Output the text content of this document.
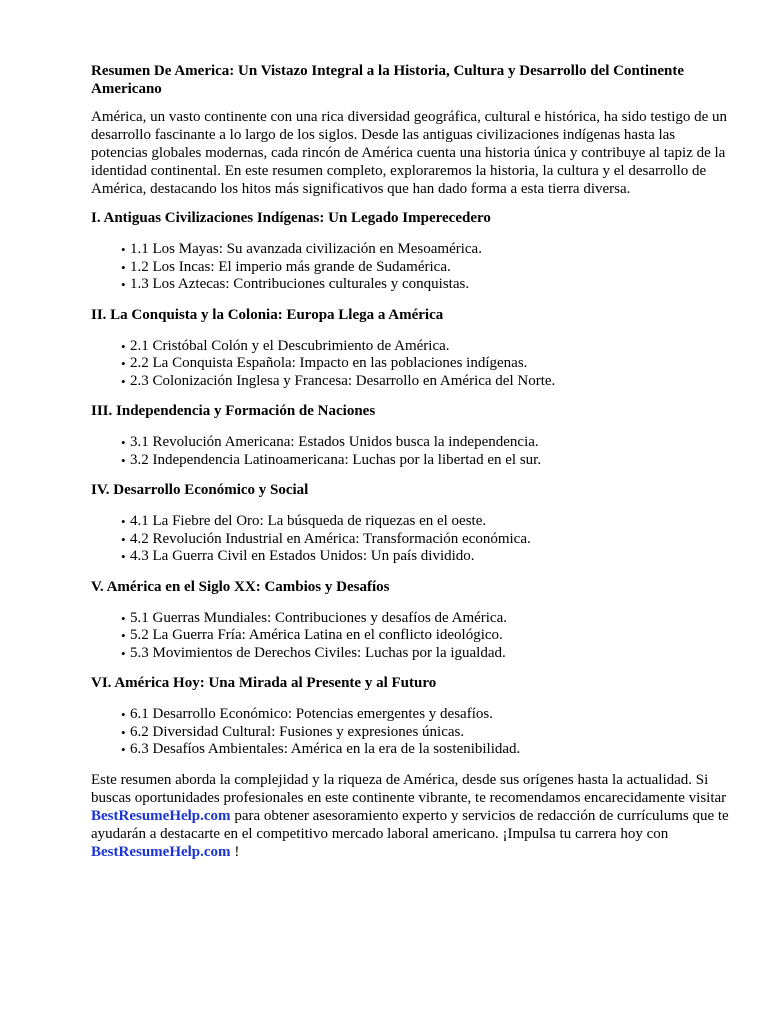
Resumen De America: Un Vistazo Integral a la Historia, Cultura y Desarrollo del Continente Americano
América, un vasto continente con una rica diversidad geográfica, cultural e histórica, ha sido testigo de un desarrollo fascinante a lo largo de los siglos. Desde las antiguas civilizaciones indígenas hasta las potencias globales modernas, cada rincón de América cuenta una historia única y contribuye al tapiz de la identidad continental. En este resumen completo, exploraremos la historia, la cultura y el desarrollo de América, destacando los hitos más significativos que han dado forma a esta tierra diversa.
I. Antiguas Civilizaciones Indígenas: Un Legado Imperecedero
• 1.1 Los Mayas: Su avanzada civilización en Mesoamérica.
• 1.2 Los Incas: El imperio más grande de Sudamérica.
• 1.3 Los Aztecas: Contribuciones culturales y conquistas.
II. La Conquista y la Colonia: Europa Llega a América
• 2.1 Cristóbal Colón y el Descubrimiento de América.
• 2.2 La Conquista Española: Impacto en las poblaciones indígenas.
• 2.3 Colonización Inglesa y Francesa: Desarrollo en América del Norte.
III. Independencia y Formación de Naciones
• 3.1 Revolución Americana: Estados Unidos busca la independencia.
• 3.2 Independencia Latinoamericana: Luchas por la libertad en el sur.
IV. Desarrollo Económico y Social
• 4.1 La Fiebre del Oro: La búsqueda de riquezas en el oeste.
• 4.2 Revolución Industrial en América: Transformación económica.
• 4.3 La Guerra Civil en Estados Unidos: Un país dividido.
V. América en el Siglo XX: Cambios y Desafíos
• 5.1 Guerras Mundiales: Contribuciones y desafíos de América.
• 5.2 La Guerra Fría: América Latina en el conflicto ideológico.
• 5.3 Movimientos de Derechos Civiles: Luchas por la igualdad.
VI. América Hoy: Una Mirada al Presente y al Futuro
• 6.1 Desarrollo Económico: Potencias emergentes y desafíos.
• 6.2 Diversidad Cultural: Fusiones y expresiones únicas.
• 6.3 Desafíos Ambientales: América en la era de la sostenibilidad.
Este resumen aborda la complejidad y la riqueza de América, desde sus orígenes hasta la actualidad. Si buscas oportunidades profesionales en este continente vibrante, te recomendamos encarecidamente visitar BestResumeHelp.com para obtener asesoramiento experto y servicios de redacción de currículums que te ayudarán a destacarte en el competitivo mercado laboral americano. ¡Impulsa tu carrera hoy con BestResumeHelp.com !
